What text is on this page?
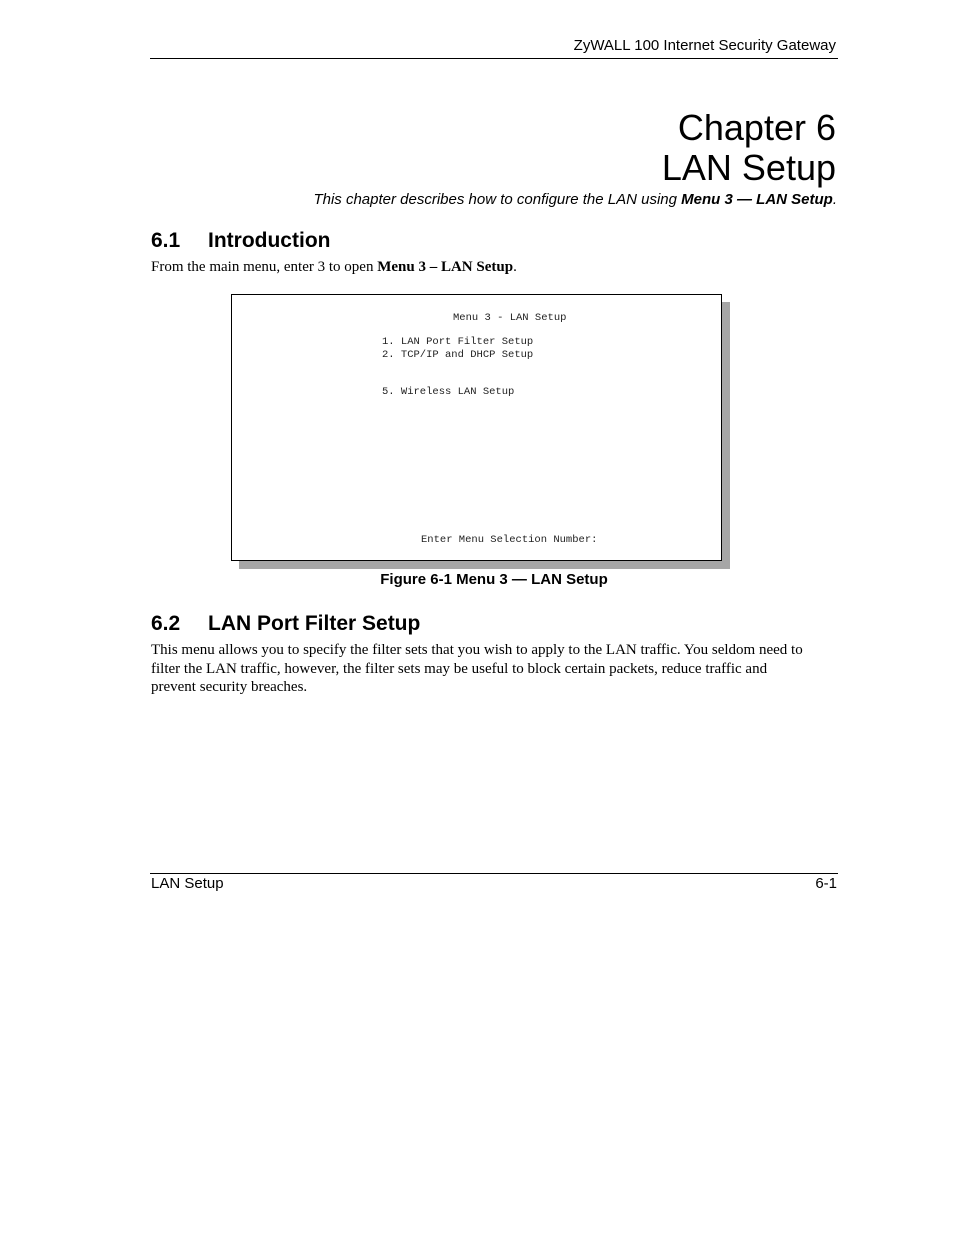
ZyWALL 100 Internet Security Gateway
Chapter 6
LAN Setup
This chapter describes how to configure the LAN using Menu 3 — LAN Setup.
6.1 Introduction
From the main menu, enter 3 to open Menu 3 – LAN Setup.
Menu 3 - LAN Setup
1. LAN Port Filter Setup
2. TCP/IP and DHCP Setup
5. Wireless LAN Setup
Enter Menu Selection Number:
Figure 6-1 Menu 3 — LAN Setup
6.2 LAN Port Filter Setup
This menu allows you to specify the filter sets that you wish to apply to the LAN traffic. You seldom need to
filter the LAN traffic, however, the filter sets may be useful to block certain packets, reduce traffic and
prevent security breaches.
LAN Setup	6-1
